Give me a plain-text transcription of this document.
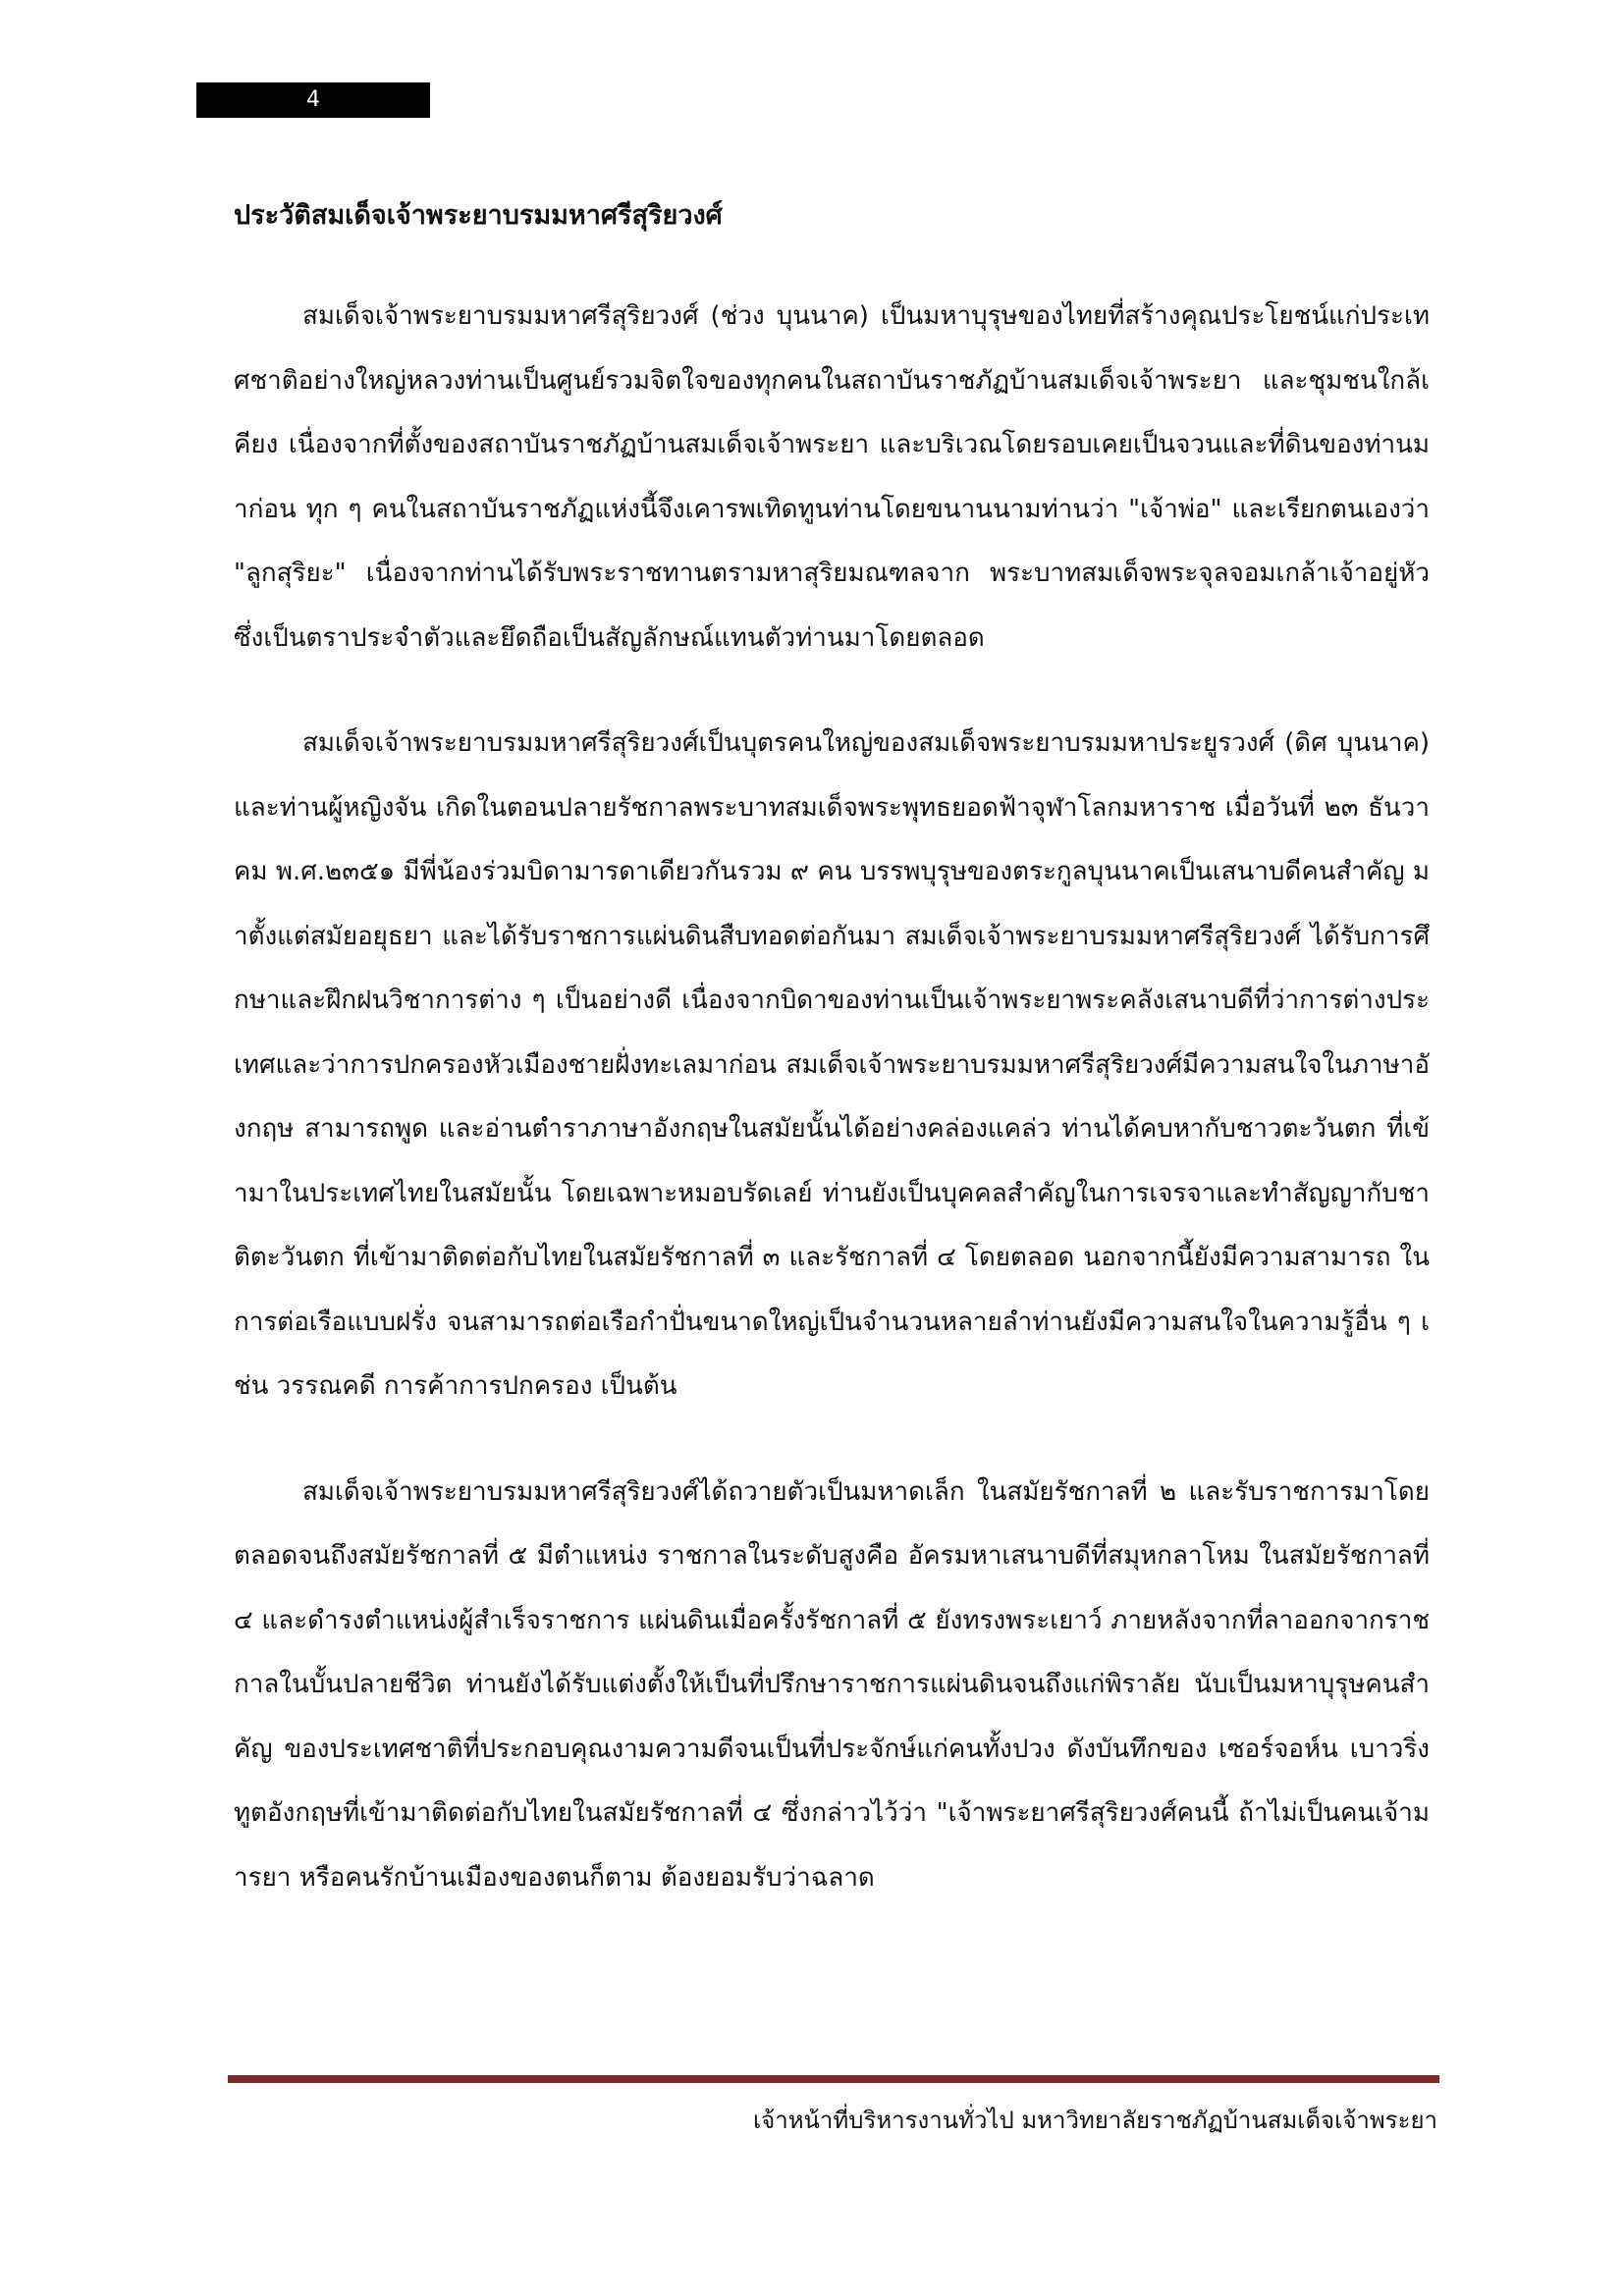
4
ประวัติสมเด็จเจ้าพระยาบรมมหาศรีสุริยวงศ์

สมเด็จเจ้าพระยาบรมมหาศรีสุริยวงศ์ (ช่วง บุนนาค) เป็นมหาบุรุษของไทยที่สร้างคุณประโยชน์แก่ประเทศชาติอย่างใหญ่หลวงท่านเป็นศูนย์รวมจิตใจของทุกคนในสถาบันราชภัฏบ้านสมเด็จเจ้าพระยา และชุมชนใกล้เคียง เนื่องจากที่ตั้งของสถาบันราชภัฏบ้านสมเด็จเจ้าพระยา และบริเวณโดยรอบเคยเป็นจวนและที่ดินของท่านมาก่อน ทุก ๆ คนในสถาบันราชภัฏแห่งนี้จึงเคารพเทิดทูนท่านโดยขนานนามท่านว่า "เจ้าพ่อ" และเรียกตนเองว่า "ลูกสุริยะ" เนื่องจากท่านได้รับพระราชทานตรามหาสุริยมณฑลจาก พระบาทสมเด็จพระจุลจอมเกล้าเจ้าอยู่หัว ซึ่งเป็นตราประจำตัวและยึดถือเป็นสัญลักษณ์แทนตัวท่านมาโดยตลอด

สมเด็จเจ้าพระยาบรมมหาศรีสุริยวงศ์เป็นบุตรคนใหญ่ของสมเด็จพระยาบรมมหาประยูรวงศ์ (ดิศ บุนนาค) และท่านผู้หญิงจัน เกิดในตอนปลายรัชกาลพระบาทสมเด็จพระพุทธยอดฟ้าจุฬาโลกมหาราช เมื่อวันที่ ๒๓ ธันวาคม พ.ศ.๒๓๕๑ มีพี่น้องร่วมบิดามารดาเดียวกันรวม ๙ คน บรรพบุรุษของตระกูลบุนนาคเป็นเสนาบดีคนสำคัญ มาตั้งแต่สมัยอยุธยา และได้รับราชการแผ่นดินสืบทอดต่อกันมา สมเด็จเจ้าพระยาบรมมหาศรีสุริยวงศ์ ได้รับการศึกษาและฝึกฝนวิชาการต่าง ๆ เป็นอย่างดี เนื่องจากบิดาของท่านเป็นเจ้าพระยาพระคลังเสนาบดีที่ว่าการต่างประเทศและว่าการปกครองหัวเมืองชายฝั่งทะเลมาก่อน สมเด็จเจ้าพระยาบรมมหาศรีสุริยวงศ์มีความสนใจในภาษาอังกฤษ สามารถพูด และอ่านตำราภาษาอังกฤษในสมัยนั้นได้อย่างคล่องแคล่ว ท่านได้คบหากับชาวตะวันตก ที่เข้ามาในประเทศไทยในสมัยนั้น โดยเฉพาะหมอบรัดเลย์ ท่านยังเป็นบุคคลสำคัญในการเจรจาและทำสัญญากับชาติตะวันตก ที่เข้ามาติดต่อกับไทยในสมัยรัชกาลที่ ๓ และรัชกาลที่ ๔ โดยตลอด นอกจากนี้ยังมีความสามารถ ในการต่อเรือแบบฝรั่ง จนสามารถต่อเรือกำปั่นขนาดใหญ่เป็นจำนวนหลายลำท่านยังมีความสนใจในความรู้อื่น ๆ เช่น วรรณคดี การค้าการปกครอง เป็นต้น

สมเด็จเจ้าพระยาบรมมหาศรีสุริยวงศ์ได้ถวายตัวเป็นมหาดเล็ก ในสมัยรัชกาลที่ ๒ และรับราชการมาโดยตลอดจนถึงสมัยรัชกาลที่ ๕ มีตำแหน่ง ราชกาลในระดับสูงคือ อัครมหาเสนาบดีที่สมุหกลาโหม ในสมัยรัชกาลที่ ๔ และดำรงตำแหน่งผู้สำเร็จราชการ แผ่นดินเมื่อครั้งรัชกาลที่ ๕ ยังทรงพระเยาว์ ภายหลังจากที่ลาออกจากราชกาลในบั้นปลายชีวิต ท่านยังได้รับแต่งตั้งให้เป็นที่ปรึกษาราชการแผ่นดินจนถึงแก่พิราลัย นับเป็นมหาบุรุษคนสำคัญ ของประเทศชาติที่ประกอบคุณงามความดีจนเป็นที่ประจักษ์แก่คนทั้งปวง ดังบันทึกของ เซอร์จอห์น เบาวริ่ง ทูตอังกฤษที่เข้ามาติดต่อกับไทยในสมัยรัชกาลที่ ๔ ซึ่งกล่าวไว้ว่า "เจ้าพระยาศรีสุริยวงศ์คนนี้ ถ้าไม่เป็นคนเจ้ามารยา หรือคนรักบ้านเมืองของตนก็ตาม ต้องยอมรับว่าฉลาด

เจ้าหน้าที่บริหารงานทั่วไป มหาวิทยาลัยราชภัฏบ้านสมเด็จเจ้าพระยา
